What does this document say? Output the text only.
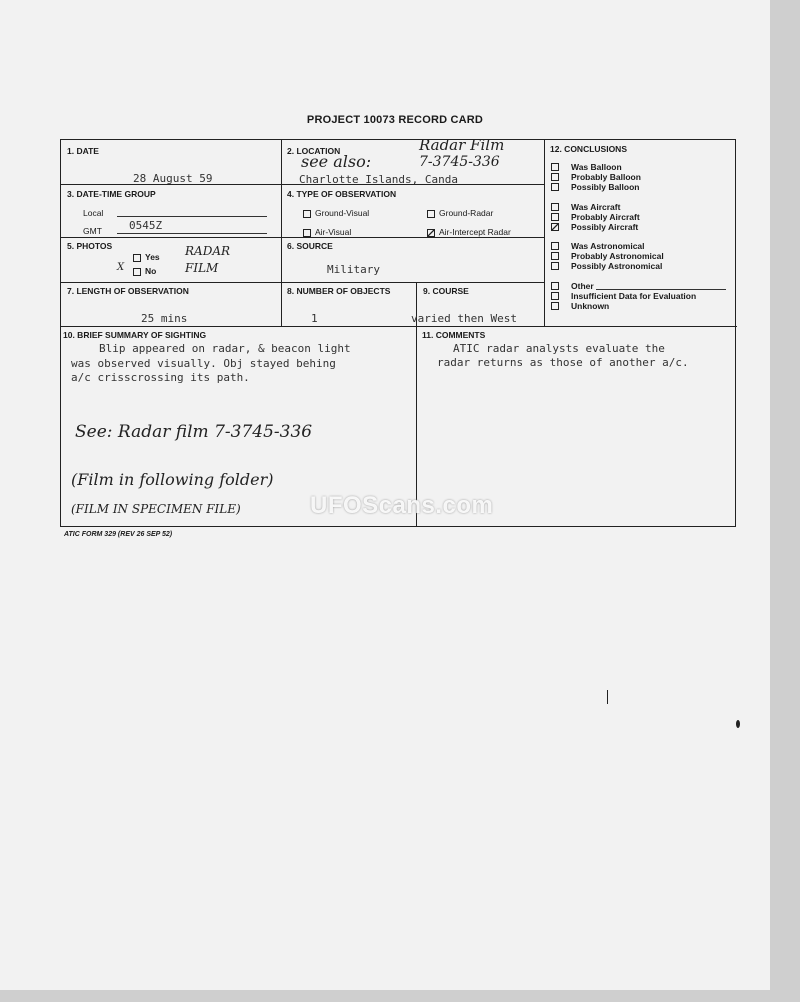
PROJECT 10073 RECORD CARD
1. DATE
28 August 59
2. LOCATION	Radar Film
see also:	7-3745-336
Charlotte Islands, Canda
3. DATE-TIME GROUP
Local
GMT 0545Z
4. TYPE OF OBSERVATION
Ground-Visual	Ground-Radar
Air-Visual	Air-Intercept Radar
5. PHOTOS
Yes
X	No
RADAR
FILM
6. SOURCE
Military
7. LENGTH OF OBSERVATION
25 mins
8. NUMBER OF OBJECTS
1
9. COURSE
varied then West
10. BRIEF SUMMARY OF SIGHTING
Blip appeared on radar, & beacon light
was observed visually. Obj stayed behing
a/c crisscrossing its path.
See: Radar film 7-3745-336
(Film in following folder)
(FILM IN SPECIMEN FILE)
11. COMMENTS
ATIC radar analysts evaluate the
radar returns as those of another a/c.
12. CONCLUSIONS
Was Balloon
Probably Balloon
Possibly Balloon
Was Aircraft
Probably Aircraft
Possibly Aircraft
Was Astronomical
Probably Astronomical
Possibly Astronomical
Other
Insufficient Data for Evaluation
Unknown
ATIC FORM 329 (REV 26 SEP 52)
UFOScans.com
